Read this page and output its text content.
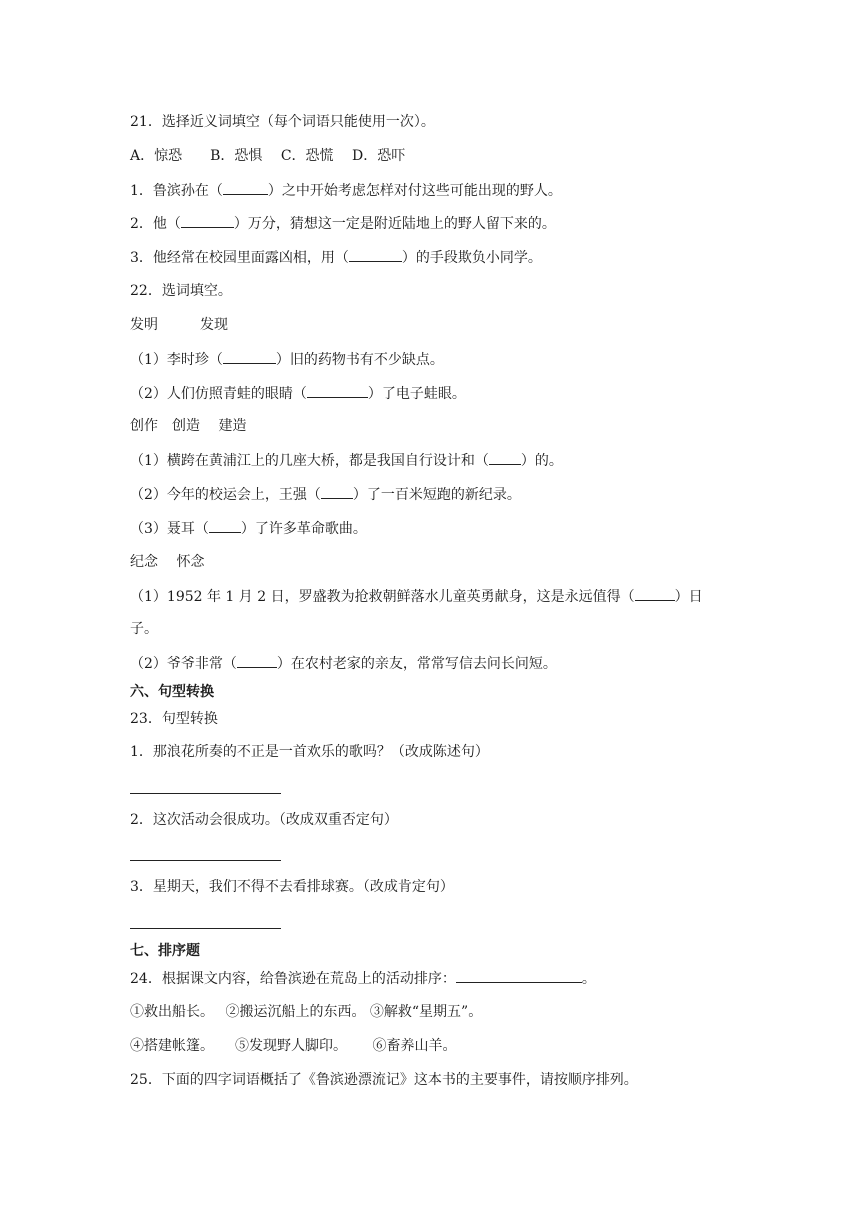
21．选择近义词填空（每个词语只能使用一次）。
A．惊恐　　B．恐惧　 C．恐慌　 D．恐吓
1．鲁滨孙在（	）之中开始考虑怎样对付这些可能出现的野人。
2．他（	）万分，猜想这一定是附近陆地上的野人留下来的。
3．他经常在校园里面露凶相，用（	）的手段欺负小同学。
22．选词填空。
发明　　　发现
（1）李时珍（	）旧的药物书有不少缺点。
（2）人们仿照青蛙的眼睛（	）了电子蛙眼。
创作　创造　 建造
（1）横跨在黄浦江上的几座大桥，都是我国自行设计和（ ）的。
（2）今年的校运会上，王强（ ）了一百米短跑的新纪录。
（3）聂耳（ ）了许多革命歌曲。
纪念　 怀念
（1）1952 年 1 月 2 日，罗盛教为抢救朝鲜落水儿童英勇献身，这是永远值得（	）日
子。
（2）爷爷非常（	）在农村老家的亲友，常常写信去问长问短。
六、句型转换
23．句型转换
1．那浪花所奏的不正是一首欢乐的歌吗？（改成陈述句）
2．这次活动会很成功。（改成双重否定句）
3．星期天，我们不得不去看排球赛。（改成肯定句）
七、排序题
24．根据课文内容，给鲁滨逊在荒岛上的活动排序：	。
①救出船长。　 ②搬运沉船上的东西。 ③解救“星期五”。
④搭建帐篷。　　⑤发现野人脚印。　　 ⑥畜养山羊。
25．下面的四字词语概括了《鲁滨逊漂流记》这本书的主要事件，请按顺序排列。
